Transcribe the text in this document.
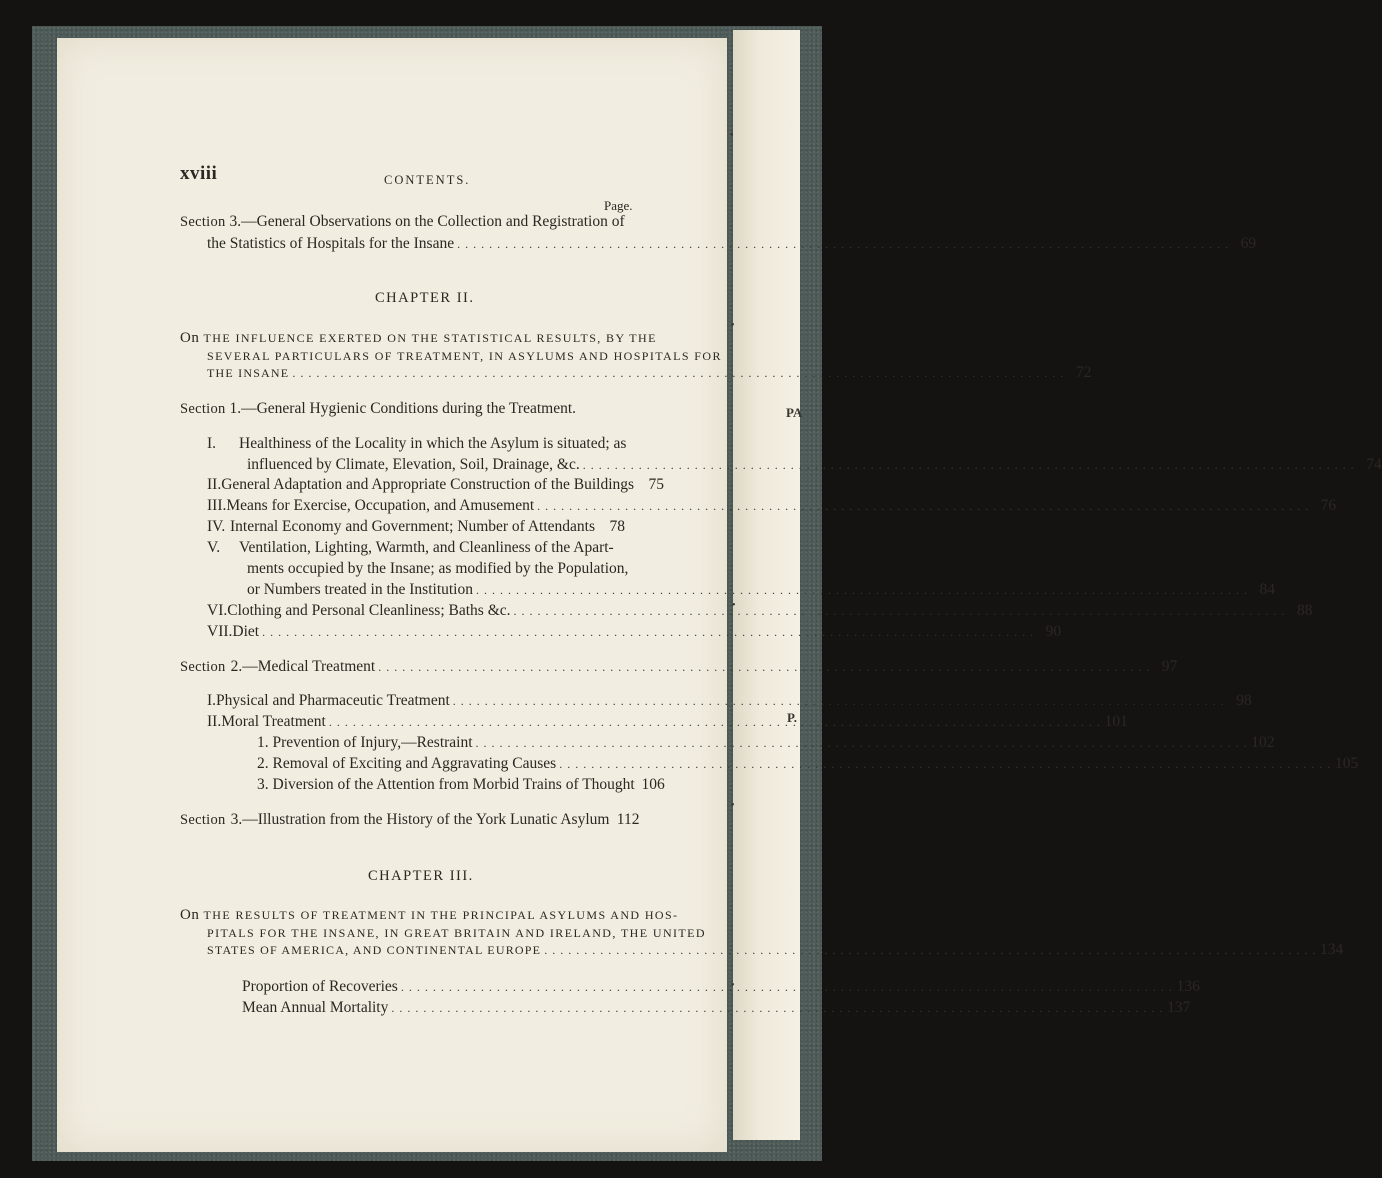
•
•
PA
•
P.
•
•
xviii	CONTENTS.
Page.
Section 3.—General Observations on the Collection and Registration of
the Statistics of Hospitals for the Insane . . .	69
CHAPTER II.
On THE INFLUENCE EXERTED ON THE STATISTICAL RESULTS, BY THE
SEVERAL PARTICULARS OF TREATMENT, IN ASYLUMS AND HOSPITALS FOR
THE INSANE . . .	72
Section 1.—General Hygienic Conditions during the Treatment.
I. Healthiness of the Locality in which the Asylum is situated; as
influenced by Climate, Elevation, Soil, Drainage, &c. . . .	74
II. General Adaptation and Appropriate Construction of the Buildings 75
III. Means for Exercise, Occupation, and Amusement . . .	76
IV. Internal Economy and Government; Number of Attendants 78
V. Ventilation, Lighting, Warmth, and Cleanliness of the Apart-
ments occupied by the Insane; as modified by the Population,
or Numbers treated in the Institution . . .	84
VI. Clothing and Personal Cleanliness; Baths &c. . . .	88
VII. Diet . . .	90
Section 2.—Medical Treatment . . .	97
I. Physical and Pharmaceutic Treatment . . .	98
II. Moral Treatment . . .	101
1. Prevention of Injury,—Restraint . . .	102
2. Removal of Exciting and Aggravating Causes . . .	105
3. Diversion of the Attention from Morbid Trains of Thought 106
Section 3.—Illustration from the History of the York Lunatic Asylum 112
CHAPTER III.
On THE RESULTS OF TREATMENT IN THE PRINCIPAL ASYLUMS AND HOS-
PITALS FOR THE INSANE, IN GREAT BRITAIN AND IRELAND, THE UNITED
STATES OF AMERICA, AND CONTINENTAL EUROPE . . .	134
Proportion of Recoveries . . .	136
Mean Annual Mortality . . .	137
